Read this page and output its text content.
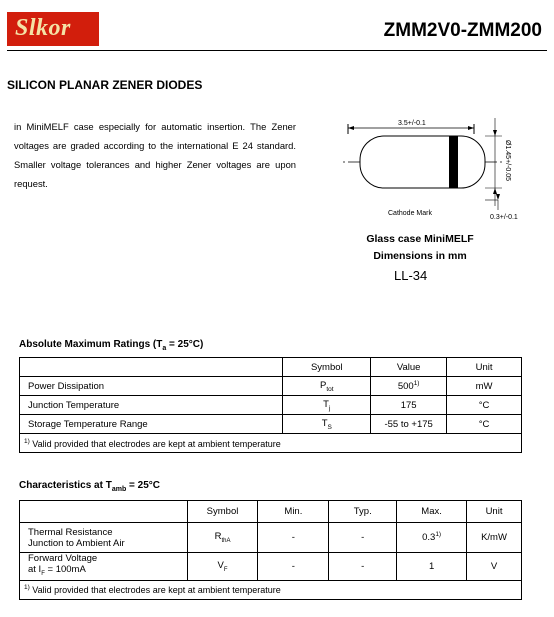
Slkor	ZMM2V0-ZMM200
SILICON PLANAR ZENER DIODES
in MiniMELF case especially for automatic insertion. The Zener voltages are graded according to the international E 24 standard. Smaller voltage tolerances and higher Zener voltages are upon request.
3.5+/-0.1
Ø1.45+/-0.05
Cathode Mark
0.3+/-0.1
Glass case MiniMELF
Dimensions in mm
LL-34
Absolute Maximum Ratings $(T_a = 25^\circ C)$
	Symbol	Value	Unit
Power Dissipation	$P_{tot}$	500$^{1)}$	mW
Junction Temperature	$T_j$	175	°C
Storage Temperature Range	$T_S$	-55 to +175	°C
$^{1)}$ Valid provided that electrodes are kept at ambient temperature			
Characteristics at $T_{amb} = 25^\circ C$
	Symbol	Min.	Typ.	Max.	Unit

Thermal Resistance
Junction to Ambient Air	$R_{thA}$	-	-	0.3$^{1)}$	K/mW

Forward Voltage
at $I_F = 100mA$	$V_F$	-	-	1	V
$^{1)}$ Valid provided that electrodes are kept at ambient temperature					
